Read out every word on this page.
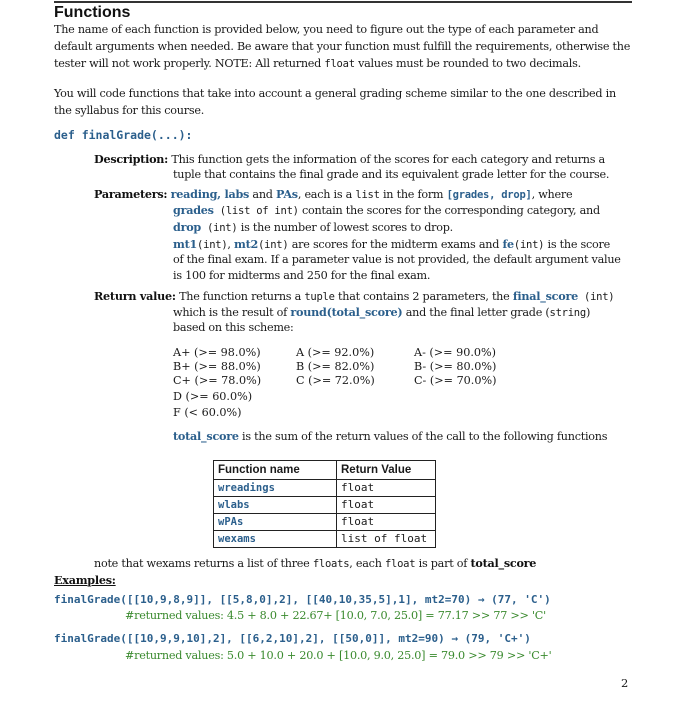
Functions
The name of each function is provided below, you need to figure out the type of each parameter and default arguments when needed. Be aware that your function must fulfill the requirements, otherwise the tester will not work properly. NOTE: All returned float values must be rounded to two decimals.
You will code functions that take into account a general grading scheme similar to the one described in the syllabus for this course.
def finalGrade(...):
Description: This function gets the information of the scores for each category and returns a
tuple that contains the final grade and its equivalent grade letter for the course.
Parameters: reading, labs and PAs, each is a list in the form [grades, drop], where
grades (list of int) contain the scores for the corresponding category, and
drop (int) is the number of lowest scores to drop.
mt1(int), mt2(int) are scores for the midterm exams and fe(int) is the score
of the final exam. If a parameter value is not provided, the default argument value
is 100 for midterms and 250 for the final exam.
Return value: The function returns a tuple that contains 2 parameters, the final_score (int)
which is the result of round(total_score) and the final letter grade (string)
based on this scheme:
A+ (>= 98.0%)	A (>= 92.0%)	A- (>= 90.0%)
B+ (>= 88.0%)	B (>= 82.0%)	B- (>= 80.0%)
C+ (>= 78.0%)	C (>= 72.0%)	C- (>= 70.0%)
D (>= 60.0%)
F (< 60.0%)
total_score is the sum of the return values of the call to the following functions
Function name	Return Value
wreadings	float
wlabs	float
wPAs	float
wexams	list of float
note that wexams returns a list of three floats, each float is part of total_score
Examples:
finalGrade([[10,9,8,9]], [[5,8,0],2], [[40,10,35,5],1], mt2=70) → (77, 'C')
#returned values: 4.5 + 8.0 + 22.67+ [10.0, 7.0, 25.0] = 77.17 >> 77 >> 'C'
finalGrade([[10,9,9,10],2], [[6,2,10],2], [[50,0]], mt2=90) → (79, 'C+')
#returned values: 5.0 + 10.0 + 20.0 + [10.0, 9.0, 25.0] = 79.0 >> 79 >> 'C+'
2
